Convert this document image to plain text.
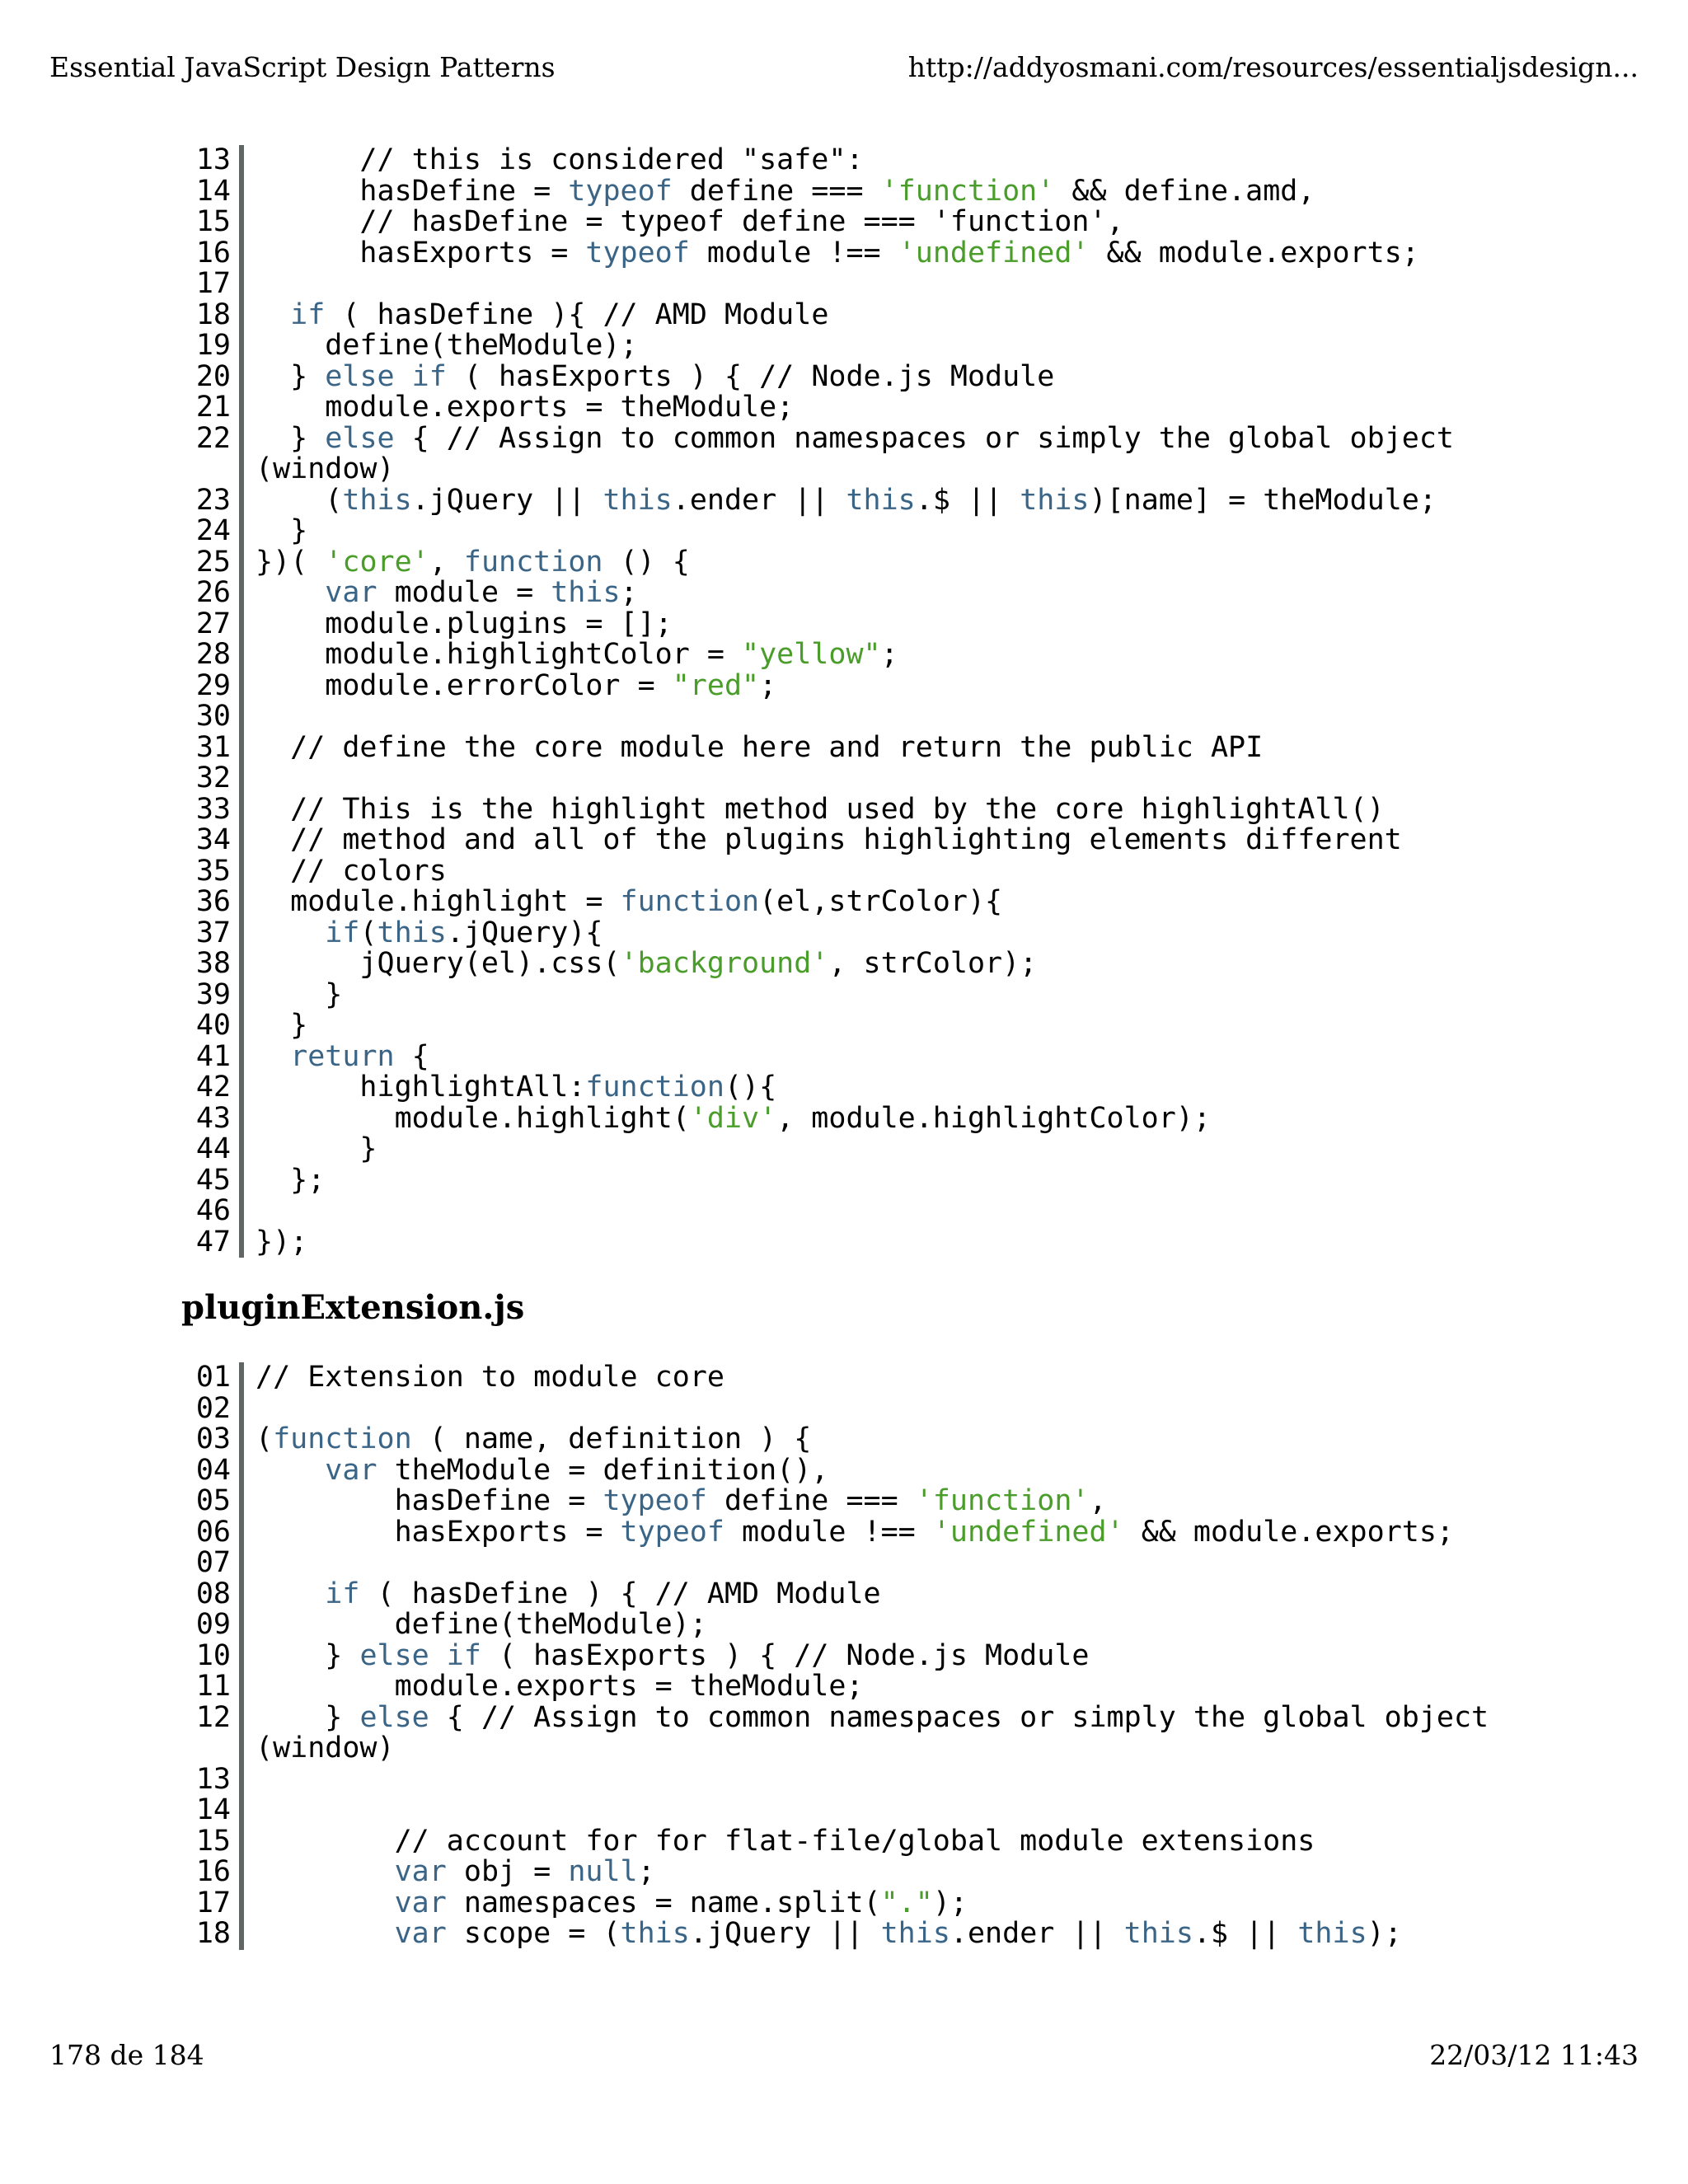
Essential JavaScript Design Patterns	http://addyosmani.com/resources/essentialjsdesign...
13 // this is considered "safe":
14 hasDefine = typeof define === 'function' && define.amd,
15 // hasDefine = typeof define === 'function',
16 hasExports = typeof module !== 'undefined' && module.exports;
17
18	if ( hasDefine ){ // AMD Module
19 define(theModule);
20 } else if ( hasExports ) { // Node.js Module
21 module.exports = theModule;
22 } else { // Assign to common namespaces or simply the global object
(window)
23 (this.jQuery || this.ender || this.$ || this)[name] = theModule;
24 }
25 })( 'core', function () {
26	var module = this;
27 module.plugins = [];
28 module.highlightColor = "yellow";
29 module.errorColor = "red";
30
31 // define the core module here and return the public API
32
33 // This is the highlight method used by the core highlightAll()
34 // method and all of the plugins highlighting elements different
35 // colors
36 module.highlight = function(el,strColor){
37	if(this.jQuery){
38 jQuery(el).css('background', strColor);
39 }
40 }
41	return {
42 highlightAll:function(){
43 module.highlight('div', module.highlightColor);
44 }
45 };
46
47 });
pluginExtension.js
01 // Extension to module core
02
03 (function ( name, definition ) {
04	var theModule = definition(),
05 hasDefine = typeof define === 'function',
06 hasExports = typeof module !== 'undefined' && module.exports;
07
08	if ( hasDefine ) { // AMD Module
09 define(theModule);
10 } else if ( hasExports ) { // Node.js Module
11 module.exports = theModule;
12 } else { // Assign to common namespaces or simply the global object
(window)
13
14
15 // account for for flat-file/global module extensions
16	var obj = null;
17	var namespaces = name.split(".");
18	var scope = (this.jQuery || this.ender || this.$ || this);
178 de 184	22/03/12 11:43
